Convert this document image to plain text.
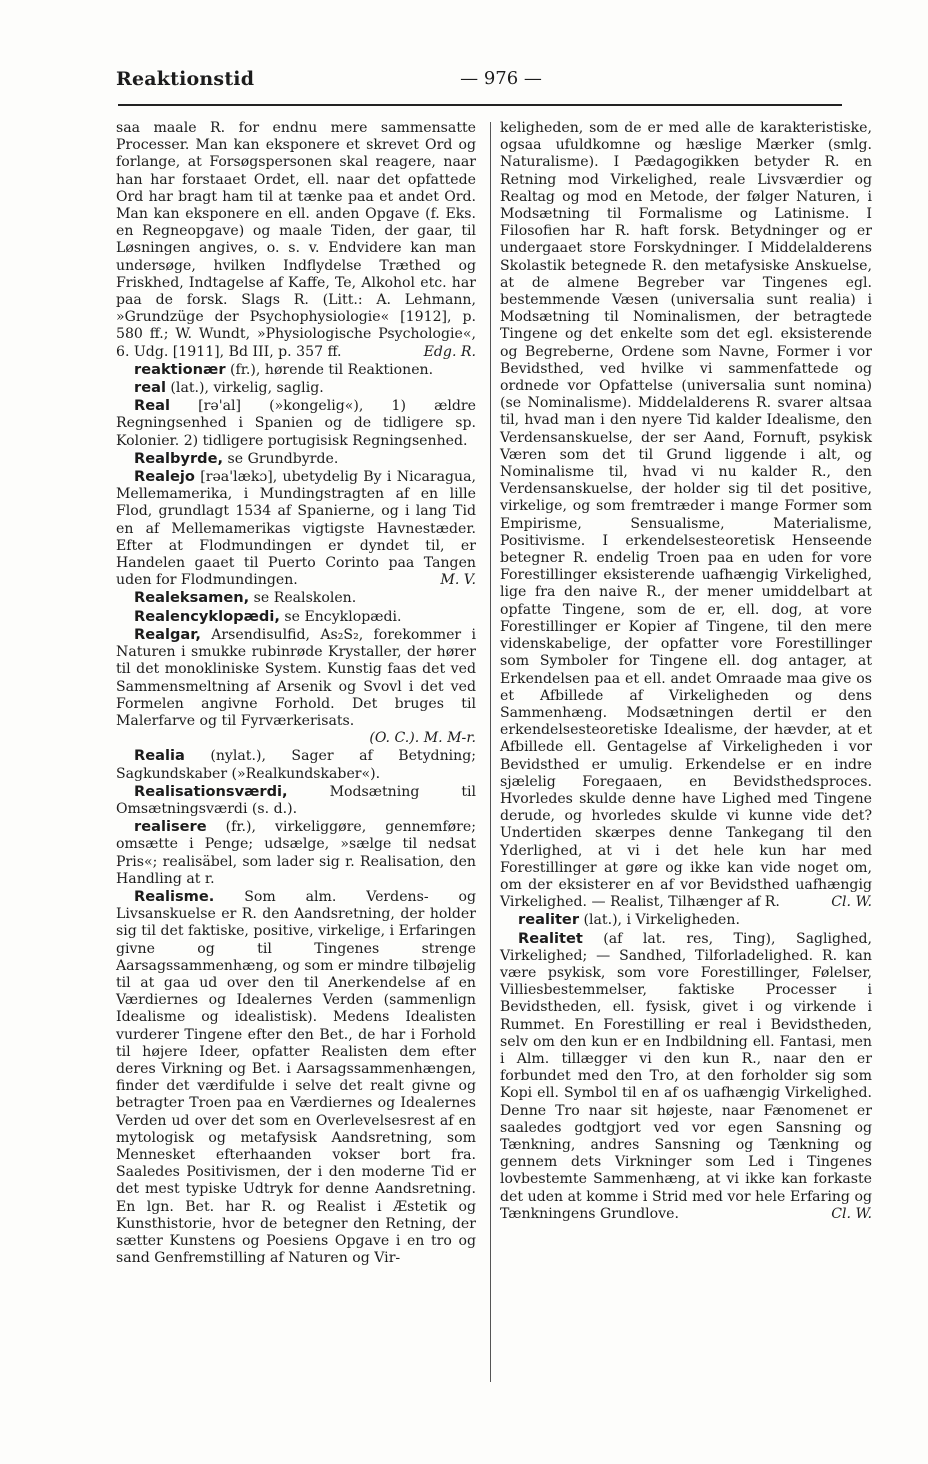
Reaktionstid	— 976 —

saa maale R. for endnu mere sammensatte Processer. Man kan eksponere et skrevet Ord og forlange, at Forsøgspersonen skal reagere, naar han har forstaaet Ordet, ell. naar det opfattede Ord har bragt ham til at tænke paa et andet Ord. Man kan eksponere en ell. anden Opgave (f. Eks. en Regneopgave) og maale Tiden, der gaar, til Løsningen angives, o. s. v. Endvidere kan man undersøge, hvilken Indflydelse Træthed og Friskhed, Indtagelse af Kaffe, Te, Alkohol etc. har paa de forsk. Slags R. (Litt.: A. Lehmann, »Grundzüge der Psychophysiologie« [1912], p. 580 ff.; W. Wundt, »Physiologische Psychologie«, 6. Udg. [1911], Bd III, p. 357 ff.	Edg. R.

reaktionær (fr.), hørende til Reaktionen.

real (lat.), virkelig, saglig.

Real [rə'al] (»kongelig«), 1) ældre Regningsenhed i Spanien og de tidligere sp. Kolonier. 2) tidligere portugisisk Regningsenhed.

Realbyrde, se Grundbyrde.

Realejo [rəa'lækɔ], ubetydelig By i Nicaragua, Mellemamerika, i Mundingstragten af en lille Flod, grundlagt 1534 af Spanierne, og i lang Tid en af Mellemamerikas vigtigste Havnestæder. Efter at Flodmundingen er dyndet til, er Handelen gaaet til Puerto Corinto paa Tangen uden for Flodmundingen.	M. V.

Realeksamen, se Realskolen.

Realencyklopædi, se Encyklopædi.

Realgar, Arsendisulfid, As₂S₂, forekommer i Naturen i smukke rubinrøde Krystaller, der hører til det monokliniske System. Kunstig faas det ved Sammensmeltning af Arsenik og Svovl i det ved Formelen angivne Forhold. Det bruges til Malerfarve og til Fyrværkerisats.
(O. C.). M. M-r.

Realia (nylat.), Sager af Betydning; Sagkundskaber (»Realkundskaber«).

Realisationsværdi, Modsætning til Omsætningsværdi (s. d.).

realisere (fr.), virkeliggøre, gennemføre; omsætte i Penge; udsælge, »sælge til nedsat Pris«; realisäbel, som lader sig r. Realisation, den Handling at r.

Realisme. Som alm. Verdens- og Livsanskuelse er R. den Aandsretning, der holder sig til det faktiske, positive, virkelige, i Erfaringen givne og til Tingenes strenge Aarsagssammenhæng, og som er mindre tilbøjelig til at gaa ud over den til Anerkendelse af en Værdiernes og Idealernes Verden (sammenlign Idealisme og idealistisk). Medens Idealisten vurderer Tingene efter den Bet., de har i Forhold til højere Ideer, opfatter Realisten dem efter deres Virkning og Bet. i Aarsagssammenhængen, finder det værdifulde i selve det realt givne og betragter Troen paa en Værdiernes og Idealernes Verden ud over det som en Overlevelsesrest af en mytologisk og metafysisk Aandsretning, som Mennesket efterhaanden vokser bort fra. Saaledes Positivismen, der i den moderne Tid er det mest typiske Udtryk for denne Aandsretning. En lgn. Bet. har R. og Realist i Æstetik og Kunsthistorie, hvor de betegner den Retning, der sætter Kunstens og Poesiens Opgave i en tro og sand Genfremstilling af Naturen og Vir-

keligheden, som de er med alle de karakteristiske, ogsaa ufuldkomne og hæslige Mærker (smlg. Naturalisme). I Pædagogikken betyder R. en Retning mod Virkelighed, reale Livsværdier og Realtag og mod en Metode, der følger Naturen, i Modsætning til Formalisme og Latinisme. I Filosofien har R. haft forsk. Betydninger og er undergaaet store Forskydninger. I Middelalderens Skolastik betegnede R. den metafysiske Anskuelse, at de almene Begreber var Tingenes egl. bestemmende Væsen (universalia sunt realia) i Modsætning til Nominalismen, der betragtede Tingene og det enkelte som det egl. eksisterende og Begreberne, Ordene som Navne, Former i vor Bevidsthed, ved hvilke vi sammenfattede og ordnede vor Opfattelse (universalia sunt nomina) (se Nominalisme). Middelalderens R. svarer altsaa til, hvad man i den nyere Tid kalder Idealisme, den Verdensanskuelse, der ser Aand, Fornuft, psykisk Væren som det til Grund liggende i alt, og Nominalisme til, hvad vi nu kalder R., den Verdensanskuelse, der holder sig til det positive, virkelige, og som fremtræder i mange Former som Empirisme, Sensualisme, Materialisme, Positivisme. I erkendelsesteoretisk Henseende betegner R. endelig Troen paa en uden for vore Forestillinger eksisterende uafhængig Virkelighed, lige fra den naive R., der mener umiddelbart at opfatte Tingene, som de er, ell. dog, at vore Forestillinger er Kopier af Tingene, til den mere videnskabelige, der opfatter vore Forestillinger som Symboler for Tingene ell. dog antager, at Erkendelsen paa et ell. andet Omraade maa give os et Afbillede af Virkeligheden og dens Sammenhæng. Modsætningen dertil er den erkendelsesteoretiske Idealisme, der hævder, at et Afbillede ell. Gentagelse af Virkeligheden i vor Bevidsthed er umulig. Erkendelse er en indre sjælelig Foregaaen, en Bevidsthedsproces. Hvorledes skulde denne have Lighed med Tingene derude, og hvorledes skulde vi kunne vide det? Undertiden skærpes denne Tankegang til den Yderlighed, at vi i det hele kun har med Forestillinger at gøre og ikke kan vide noget om, om der eksisterer en af vor Bevidsthed uafhængig Virkelighed. — Realist, Tilhænger af R.	Cl. W.

realiter (lat.), i Virkeligheden.

Realitet (af lat. res, Ting), Saglighed, Virkelighed; — Sandhed, Tilforladelighed. R. kan være psykisk, som vore Forestillinger, Følelser, Villiesbestemmelser, faktiske Processer i Bevidstheden, ell. fysisk, givet i og virkende i Rummet. En Forestilling er real i Bevidstheden, selv om den kun er en Indbildning ell. Fantasi, men i Alm. tillægger vi den kun R., naar den er forbundet med den Tro, at den forholder sig som Kopi ell. Symbol til en af os uafhængig Virkelighed. Denne Tro naar sit højeste, naar Fænomenet er saaledes godtgjort ved vor egen Sansning og Tænkning, andres Sansning og Tænkning og gennem dets Virkninger som Led i Tingenes lovbestemte Sammenhæng, at vi ikke kan forkaste det uden at komme i Strid med vor hele Erfaring og Tænkningens Grundlove.	Cl. W.
